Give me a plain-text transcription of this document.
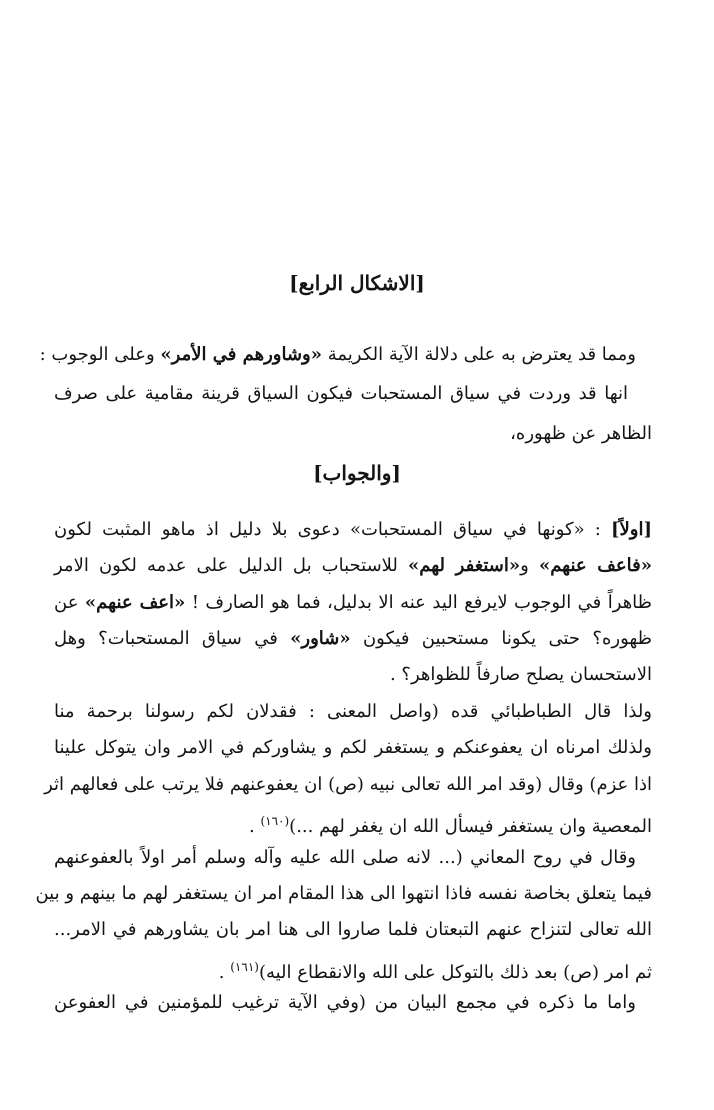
[الاشكال الرابع]
ومما قد يعترض به على دلالة الآية الكريمة «وشاورهم في الأمر» وعلى الوجوب :
انها قد وردت في سياق المستحبات فيكون السياق قرينة مقامية على صرف
الظاهر عن ظهوره،
[والجواب]
[اولاً] : «كونها في سياق المستحبات» دعوى بلا دليل اذ ماهو المثبت لكون
«فاعف عنهم» و«استغفر لهم» للاستحباب بل الدليل على عدمه لكون الامر
ظاهراً في الوجوب لايرفع اليد عنه الا بدليل، فما هو الصارف ! «اعف عنهم» عن
ظهوره؟ حتى يكونا مستحبين فيكون «شاور» في سياق المستحبات؟ وهل
الاستحسان يصلح صارفاً للظواهر؟ .
ولذا قال الطباطبائي قده (واصل المعنى : فقدلان لكم رسولنا برحمة منا
ولذلك امرناه ان يعفوعنكم و يستغفر لكم و يشاوركم في الامر وان يتوكل علينا
اذا عزم) وقال (وقد امر الله تعالى نبيه (ص) ان يعفوعنهم فلا يرتب على فعالهم اثر
المعصية وان يستغفر فيسأل الله ان يغفر لهم ...)$^{(١٦٠)}$ .
وقال في روح المعاني (... لانه صلى الله عليه وآله وسلم أمر اولاً بالعفوعنهم
فيما يتعلق بخاصة نفسه فاذا انتهوا الى هذا المقام امر ان يستغفر لهم ما بينهم و بين
الله تعالى لتنزاح عنهم التبعتان فلما صاروا الى هنا امر بان يشاورهم في الامر...
ثم امر (ص) بعد ذلك بالتوكل على الله والانقطاع اليه)$^{(١٦١)}$ .
واما ما ذكره في مجمع البيان من (وفي الآية ترغيب للمؤمنين في العفوعن
